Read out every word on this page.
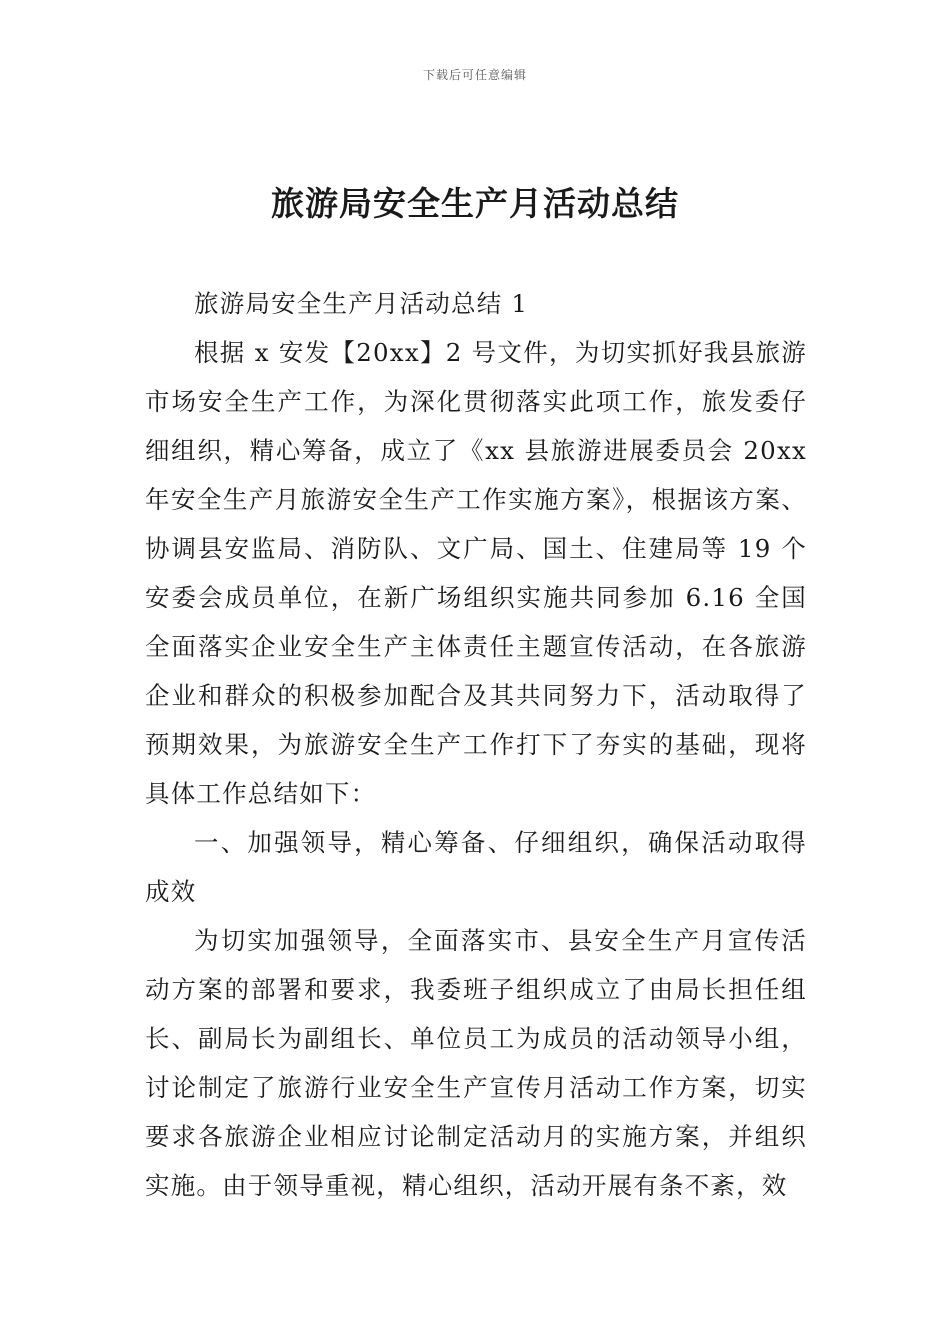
下载后可任意编辑
旅游局安全生产月活动总结

旅游局安全生产月活动总结 1

根据 x 安发【20xx】2 号文件，为切实抓好我县旅游市场安全生产工作，为深化贯彻落实此项工作，旅发委仔细组织，精心筹备，成立了《xx 县旅游进展委员会 20xx 年安全生产月旅游安全生产工作实施方案》，根据该方案、协调县安监局、消防队、文广局、国土、住建局等 19 个安委会成员单位，在新广场组织实施共同参加 6.16 全国全面落实企业安全生产主体责任主题宣传活动，在各旅游企业和群众的积极参加配合及其共同努力下，活动取得了预期效果，为旅游安全生产工作打下了夯实的基础，现将具体工作总结如下：

一、加强领导，精心筹备、仔细组织，确保活动取得成效

为切实加强领导，全面落实市、县安全生产月宣传活动方案的部署和要求，我委班子组织成立了由局长担任组长、副局长为副组长、单位员工为成员的活动领导小组，讨论制定了旅游行业安全生产宣传月活动工作方案，切实要求各旅游企业相应讨论制定活动月的实施方案，并组织实施。由于领导重视，精心组织，活动开展有条不紊，效
